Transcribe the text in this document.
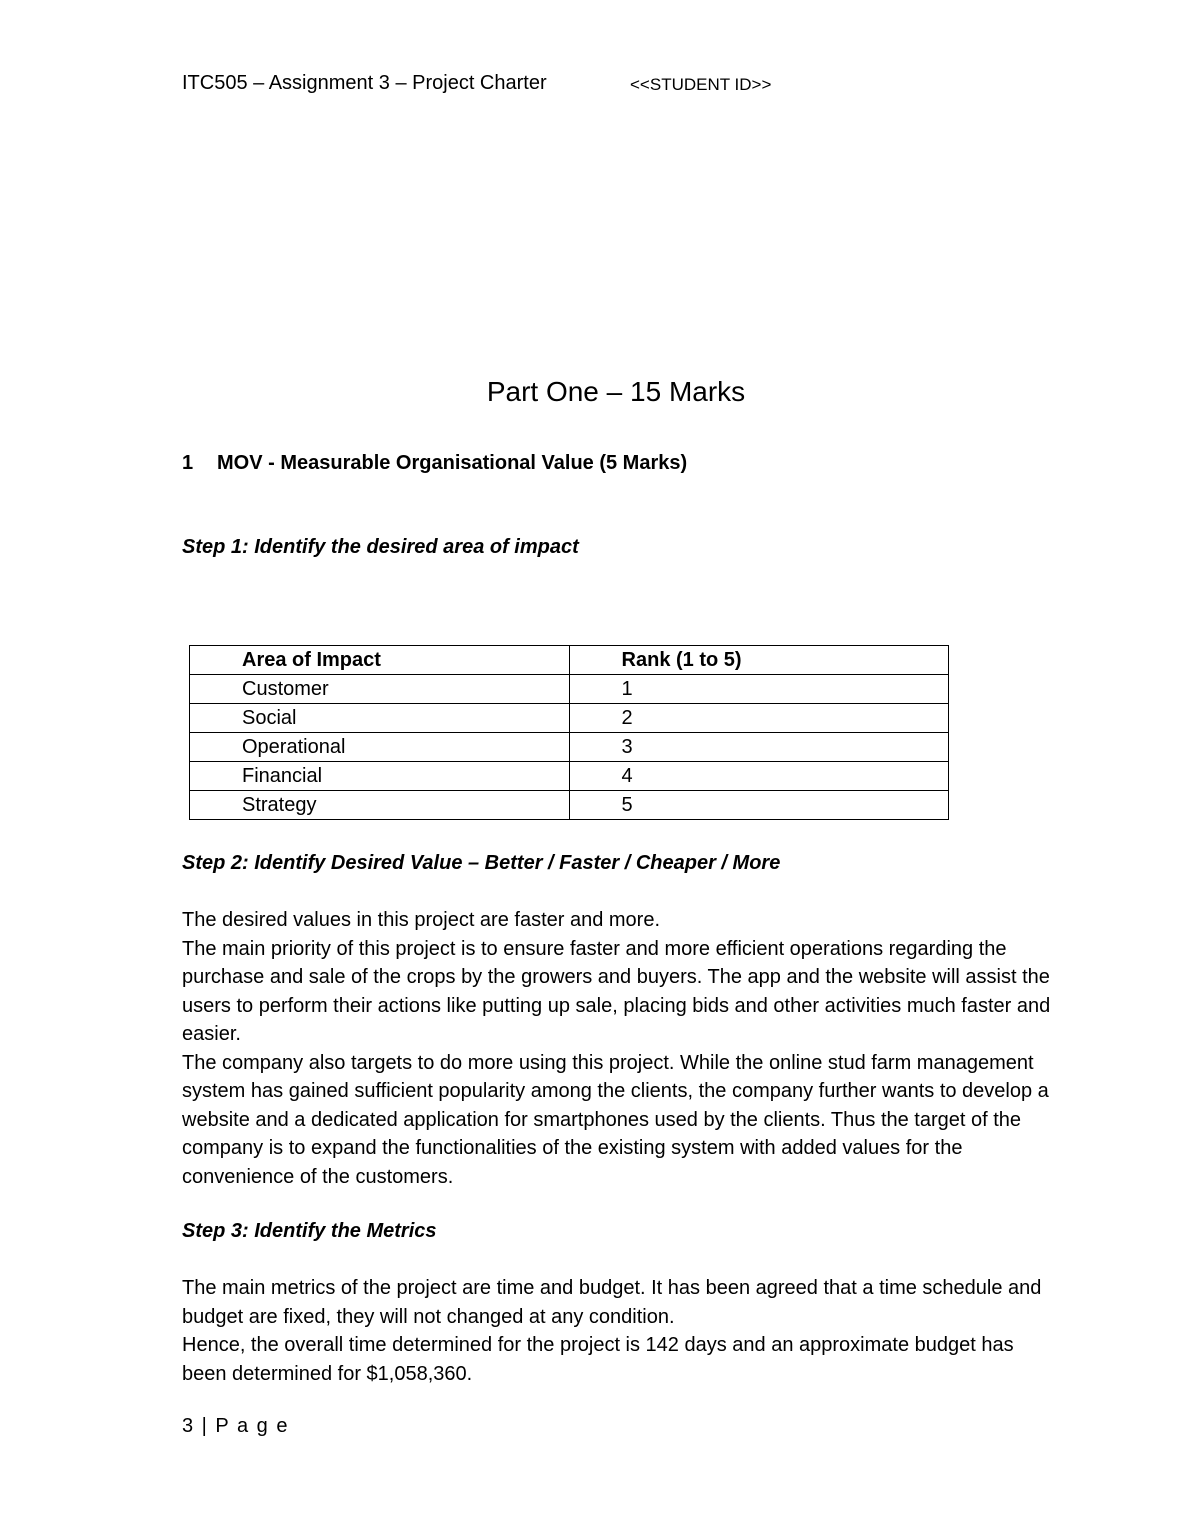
ITC505 – Assignment 3 – Project Charter	<<STUDENT ID>>
Part One – 15 Marks
1 MOV - Measurable Organisational Value (5 Marks)
Step 1: Identify the desired area of impact
Area of Impact	Rank (1 to 5)
Customer	1
Social	2
Operational	3
Financial	4
Strategy	5
Step 2: Identify Desired Value – Better / Faster / Cheaper / More

The desired values in this project are faster and more.

The main priority of this project is to ensure faster and more efficient operations regarding the purchase and sale of the crops by the growers and buyers. The app and the website will assist the users to perform their actions like putting up sale, placing bids and other activities much faster and easier.

The company also targets to do more using this project. While the online stud farm management system has gained sufficient popularity among the clients, the company further wants to develop a website and a dedicated application for smartphones used by the clients. Thus the target of the company is to expand the functionalities of the existing system with added values for the convenience of the customers.

Step 3: Identify the Metrics

The main metrics of the project are time and budget. It has been agreed that a time schedule and budget are fixed, they will not changed at any condition.

Hence, the overall time determined for the project is 142 days and an approximate budget has been determined for $1,058,360.

3 | P a g e
